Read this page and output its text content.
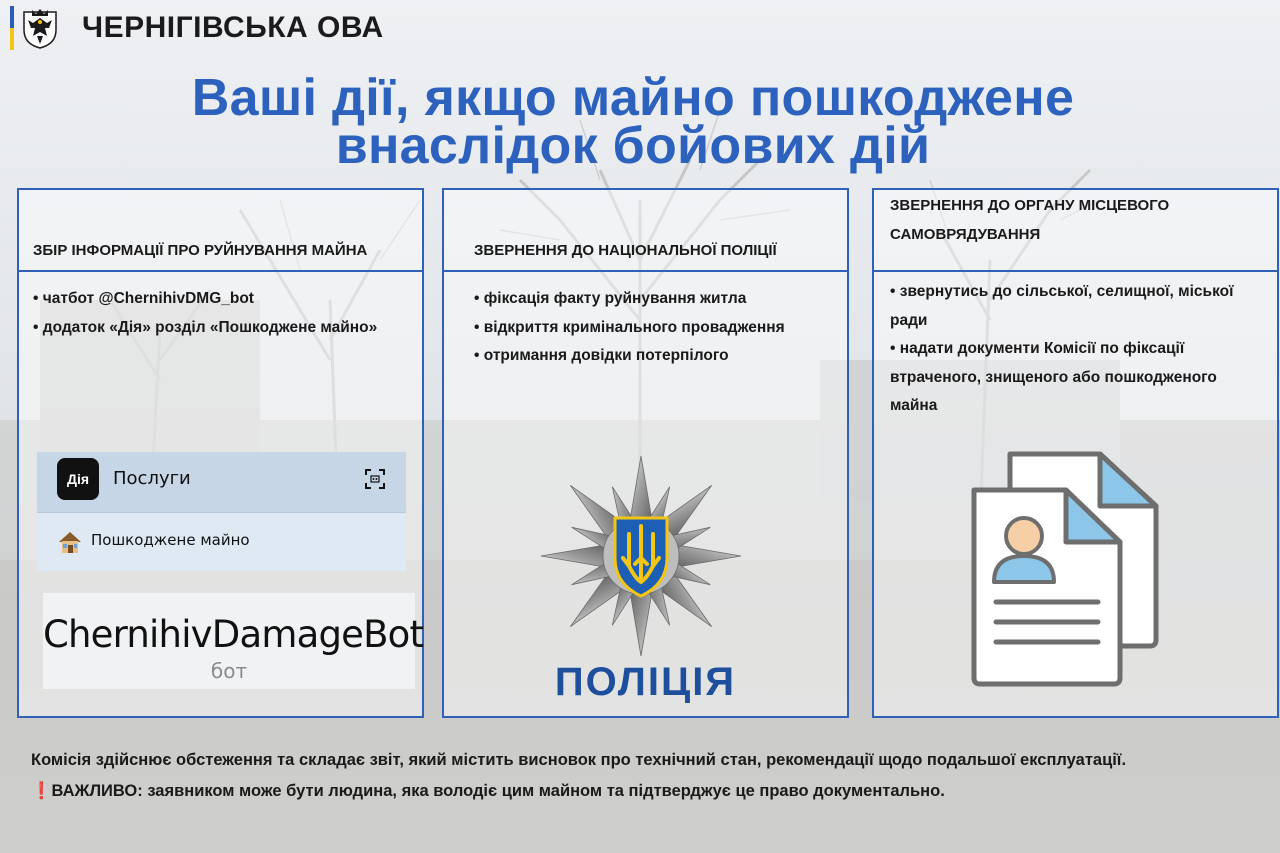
ЧЕРНІГІВСЬКА ОВА
Ваші дії, якщо майно пошкоджене
внаслідок бойових дій
ЗБІР ІНФОРМАЦІЇ ПРО РУЙНУВАННЯ МАЙНА
• чатбот @ChernihivDMG_bot
• додаток «Дія» розділ «Пошкоджене майно»
Дія	Послуги
Пошкоджене майно
ChernihivDamageBot
бот
ЗВЕРНЕННЯ ДО НАЦІОНАЛЬНОЇ ПОЛІЦІЇ
• фіксація факту руйнування житла
• відкриття кримінального провадження
• отримання довідки потерпілого
ПОЛІЦІЯ
ЗВЕРНЕННЯ ДО ОРГАНУ МІСЦЕВОГО
САМОВРЯДУВАННЯ
• звернутись до сільської, селищної, міської ради
• надати документи Комісії по фіксації втраченого, знищеного або пошкодженого майна
Комісія здійснює обстеження та складає звіт, який містить висновок про технічний стан, рекомендації щодо подальшої експлуатації.
❗ВАЖЛИВО: заявником може бути людина, яка володіє цим майном та підтверджує це право документально.
